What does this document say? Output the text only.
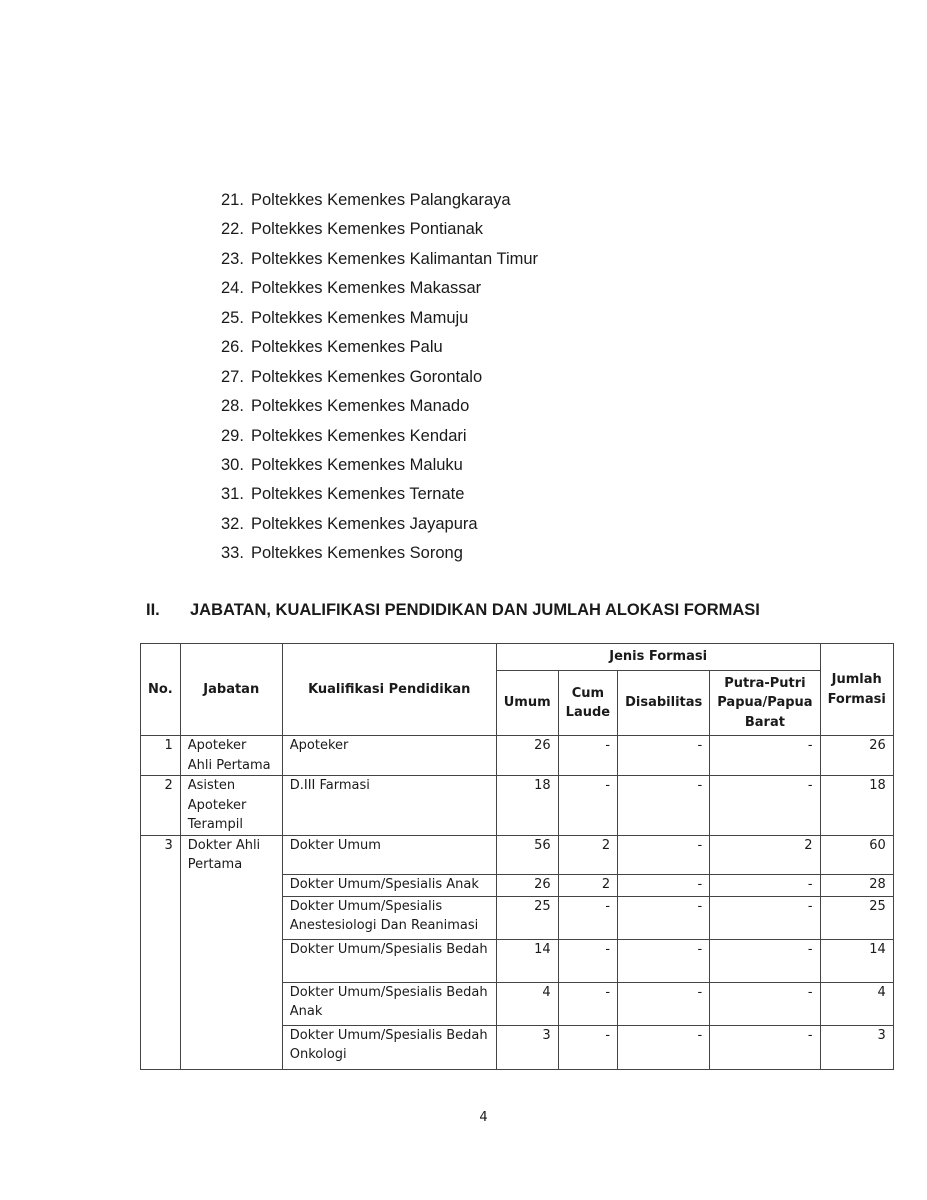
21. Poltekkes Kemenkes Palangkaraya
22. Poltekkes Kemenkes Pontianak
23. Poltekkes Kemenkes Kalimantan Timur
24. Poltekkes Kemenkes Makassar
25. Poltekkes Kemenkes Mamuju
26. Poltekkes Kemenkes Palu
27. Poltekkes Kemenkes Gorontalo
28. Poltekkes Kemenkes Manado
29. Poltekkes Kemenkes Kendari
30. Poltekkes Kemenkes Maluku
31. Poltekkes Kemenkes Ternate
32. Poltekkes Kemenkes Jayapura
33. Poltekkes Kemenkes Sorong
II. JABATAN, KUALIFIKASI PENDIDIKAN DAN JUMLAH ALOKASI FORMASI
No.	Jabatan	Kualifikasi Pendidikan	Jenis Formasi				Jumlah Formasi
			Umum	Cum Laude	Disabilitas	Putra-Putri Papua/Papua Barat	
1	Apoteker Ahli Pertama	Apoteker	26	-	-	-	26
2	Asisten Apoteker Terampil	D.III Farmasi	18	-	-	-	18
3	Dokter Ahli Pertama	Dokter Umum	56	2	-	2	60
		Dokter Umum/Spesialis Anak	26	2	-	-	28
		Dokter Umum/Spesialis Anestesiologi Dan Reanimasi	25	-	-	-	25
		Dokter Umum/Spesialis Bedah	14	-	-	-	14
		Dokter Umum/Spesialis Bedah Anak	4	-	-	-	4
		Dokter Umum/Spesialis Bedah Onkologi	3	-	-	-	3
4
